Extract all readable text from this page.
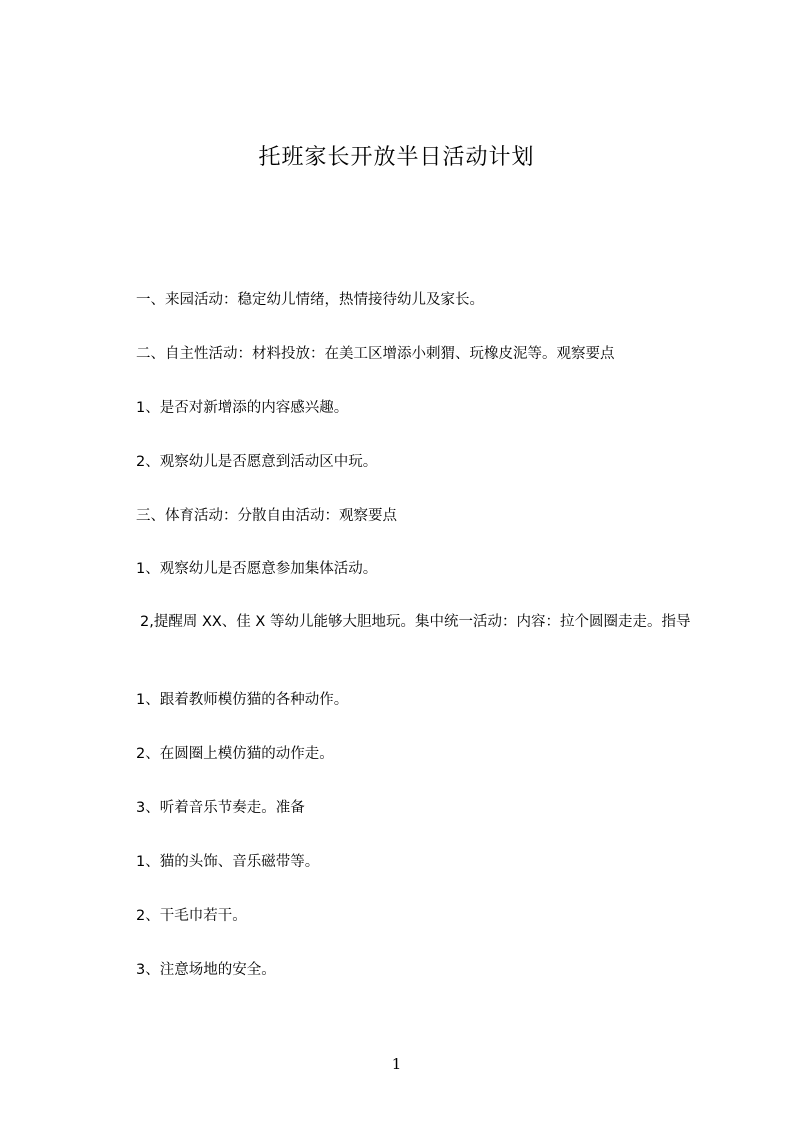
托班家长开放半日活动计划
一、来园活动：稳定幼儿情绪，热情接待幼儿及家长。
二、自主性活动：材料投放：在美工区增添小刺猬、玩橡皮泥等。观察要点
1、是否对新增添的内容感兴趣。
2、观察幼儿是否愿意到活动区中玩。
三、体育活动：分散自由活动：观察要点
1、观察幼儿是否愿意参加集体活动。
2,提醒周 XX、佳 X 等幼儿能够大胆地玩。集中统一活动：内容：拉个圆圈走走。指导
1、跟着教师模仿猫的各种动作。
2、在圆圈上模仿猫的动作走。
3、听着音乐节奏走。准备
1、猫的头饰、音乐磁带等。
2、干毛巾若干。
3、注意场地的安全。
1
